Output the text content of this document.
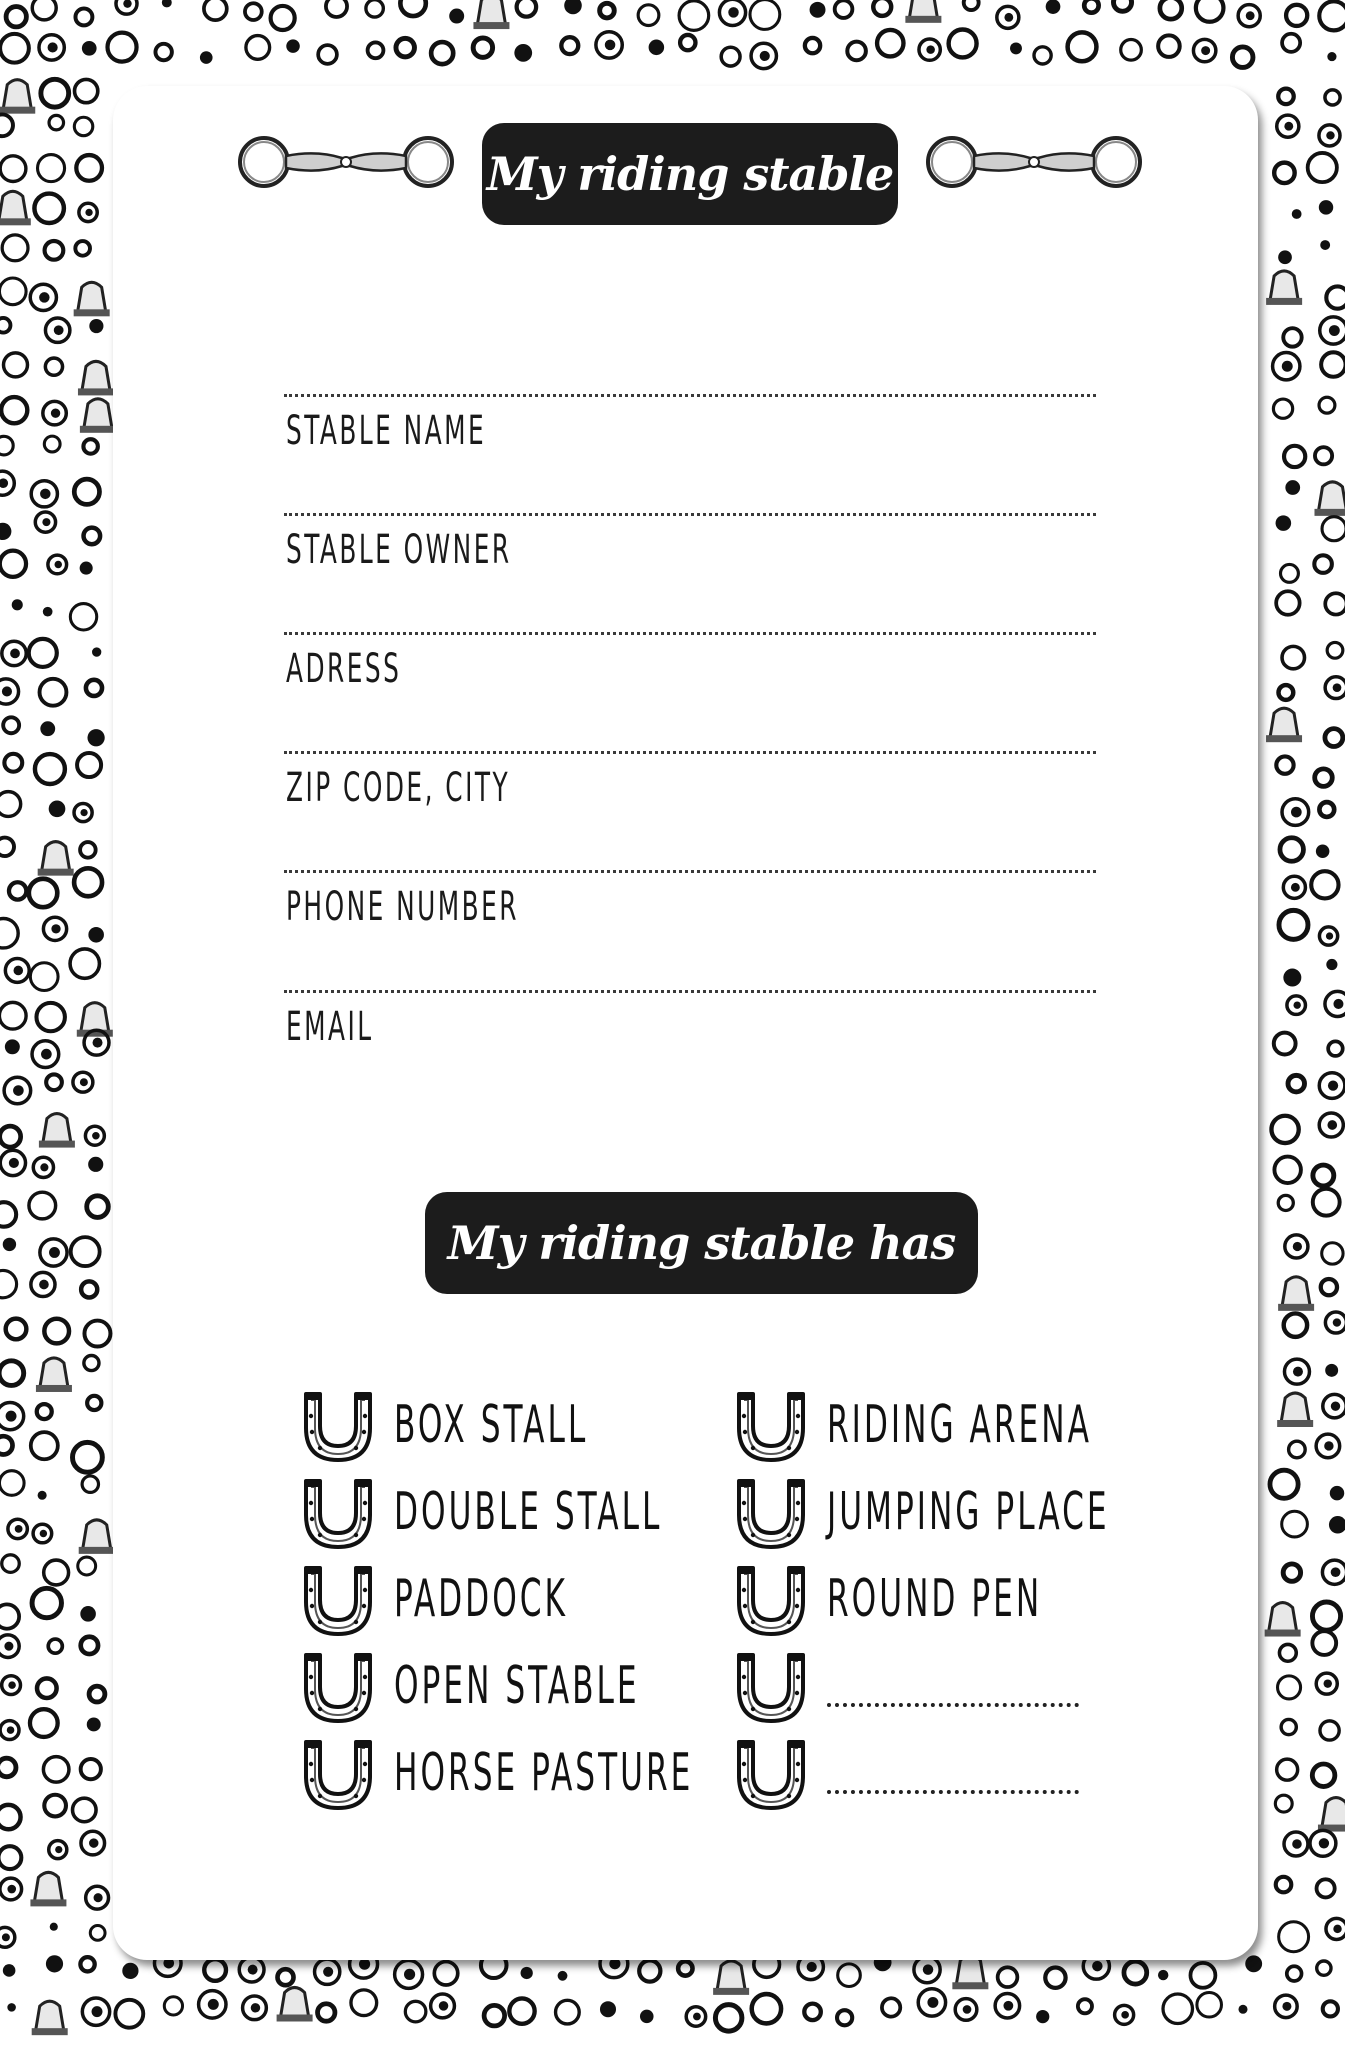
My riding stable
STABLE NAME
STABLE OWNER
ADRESS
ZIP CODE, CITY
PHONE NUMBER
EMAIL
My riding stable has
BOX STALL
DOUBLE STALL
PADDOCK
OPEN STABLE
HORSE PASTURE
RIDING ARENA
JUMPING PLACE
ROUND PEN
